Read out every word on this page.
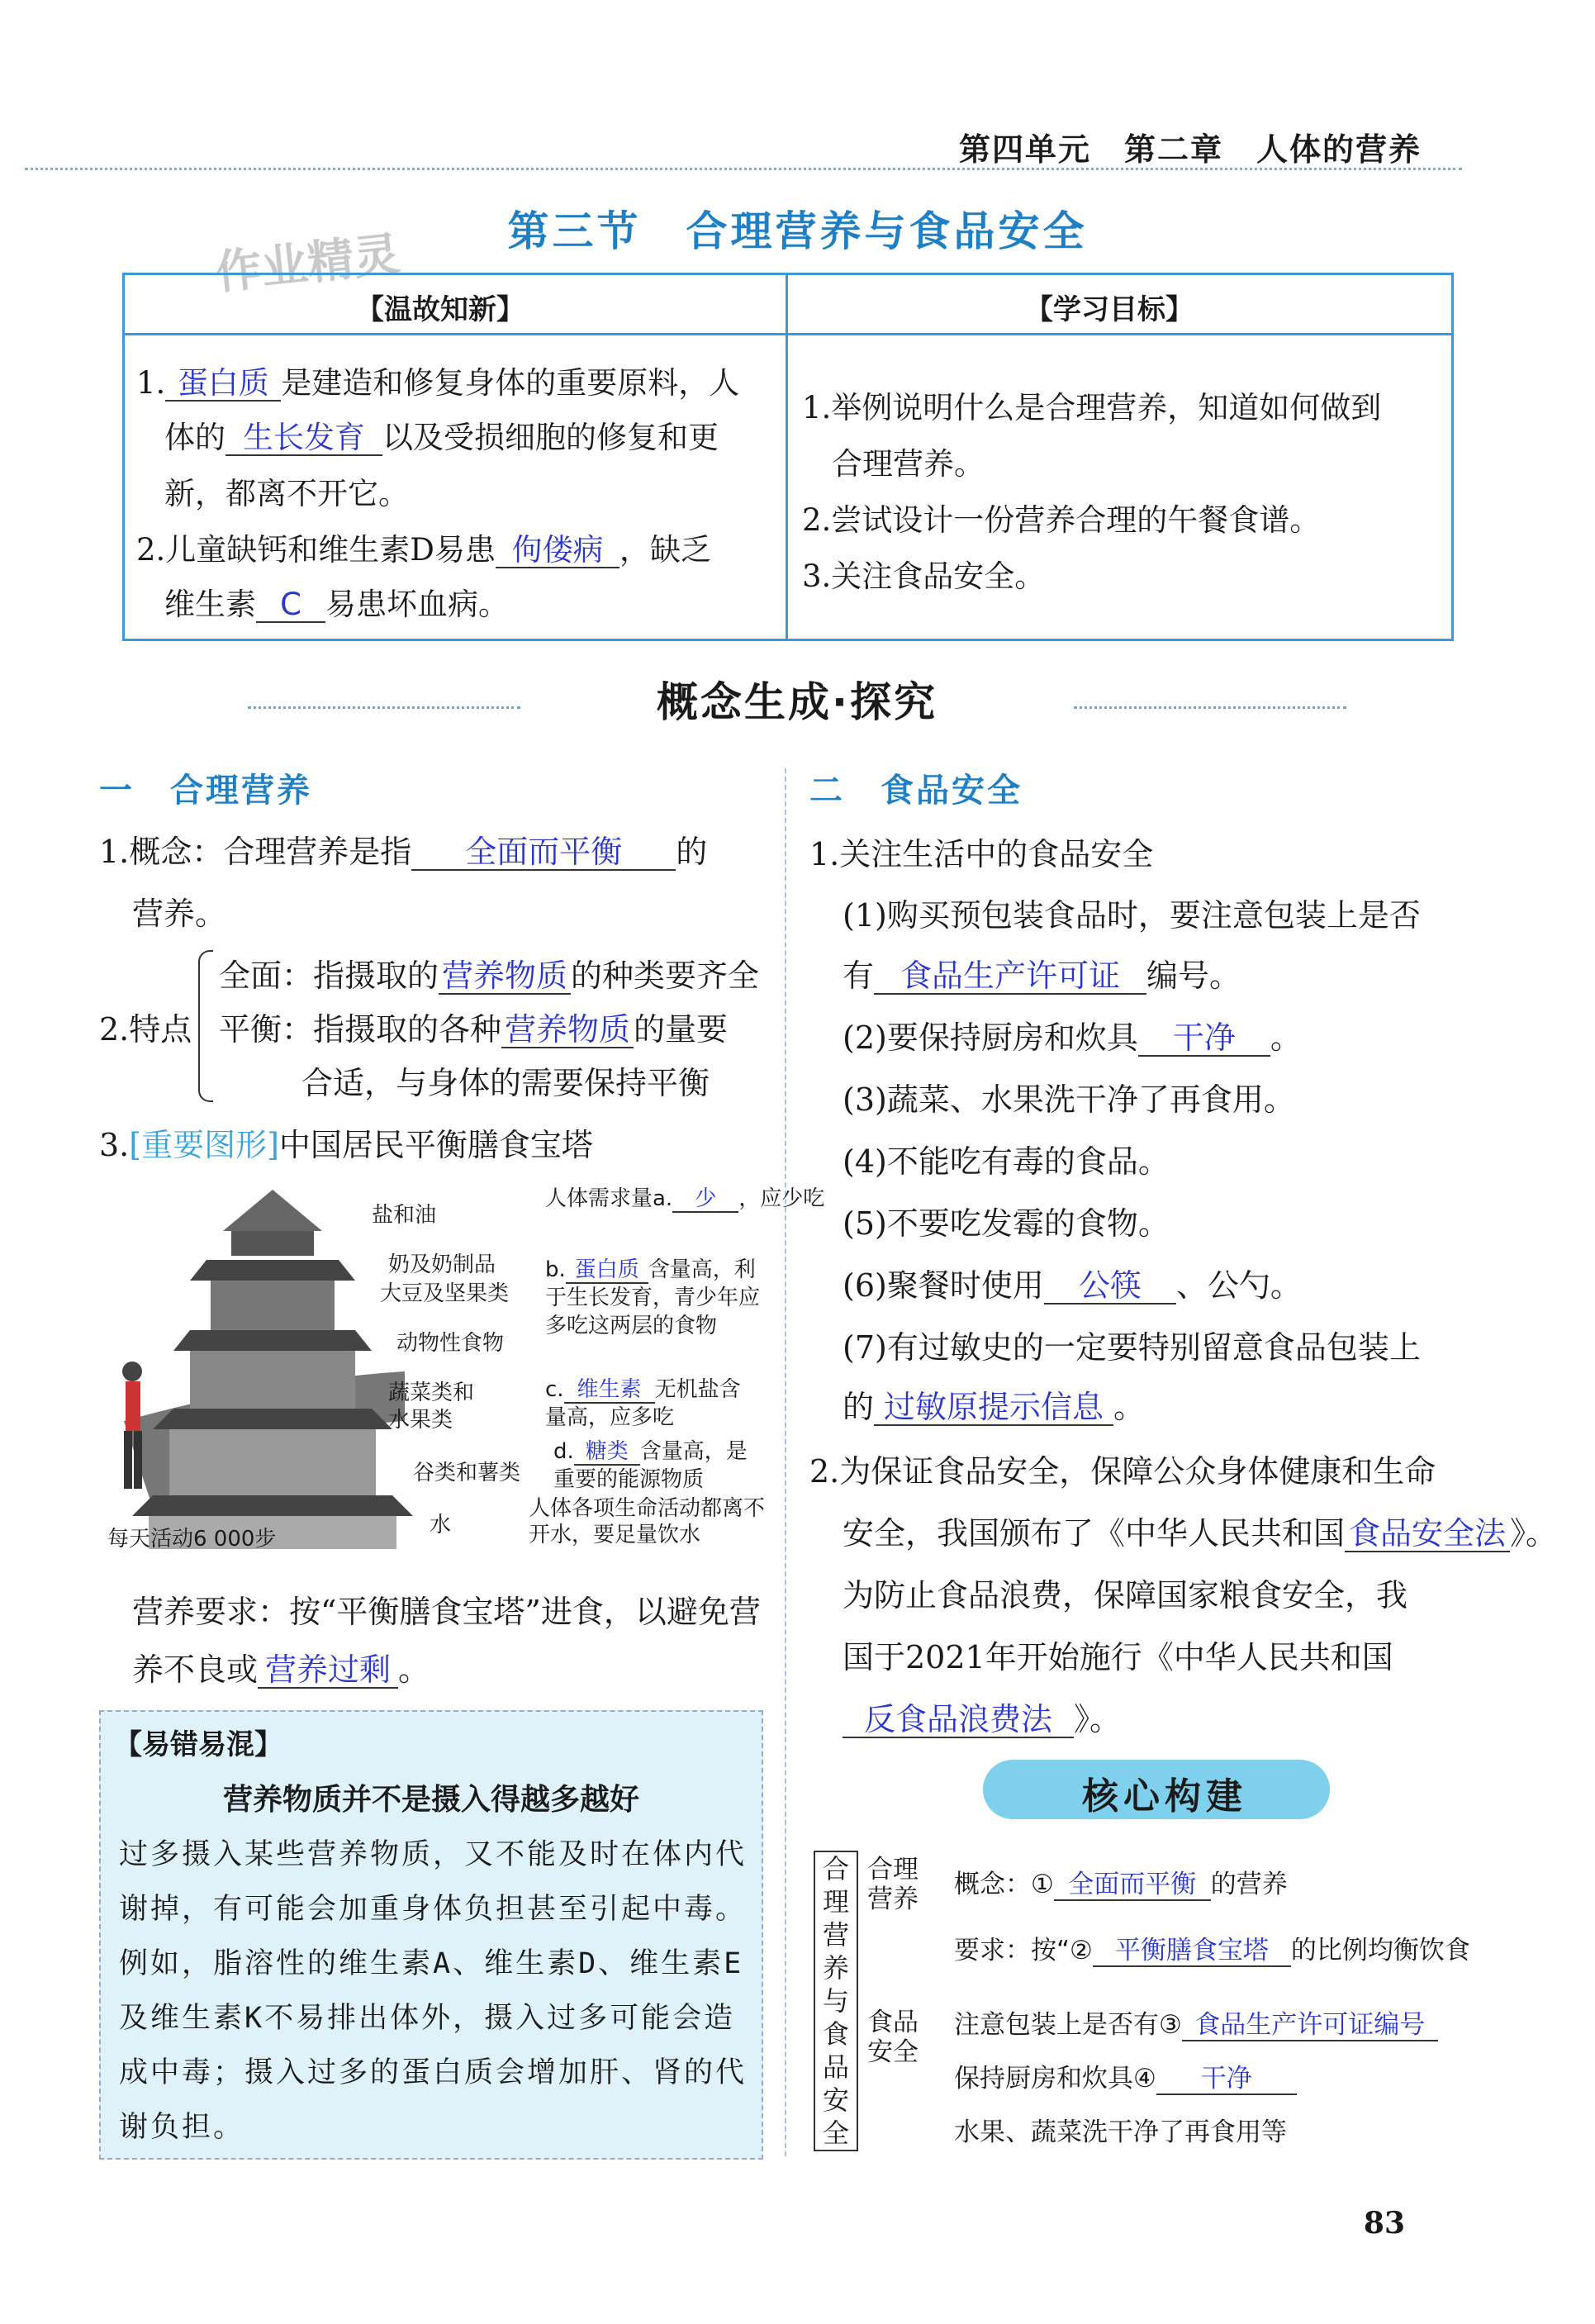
第四单元　第二章　人体的营养
作业精灵	第三节　合理营养与食品安全
【温故知新】	【学习目标】
1. 蛋白质 是建造和修复身体的重要原料，人
体的 生长发育 以及受损细胞的修复和更
新，都离不开它。
2.儿童缺钙和维生素D易患 佝偻病 ，缺乏
维生素 C 易患坏血病。
1.举例说明什么是合理营养，知道如何做到
合理营养。
2.尝试设计一份营养合理的午餐食谱。
3.关注食品安全。
概念生成·探究
一　合理营养
1.概念：合理营养是指 全面而平衡 的
营养。
2.特点
全面：指摄取的 营养物质 的种类要齐全
平衡：指摄取的各种 营养物质 的量要
合适，与身体的需要保持平衡
3.[重要图形]中国居民平衡膳食宝塔
盐和油
人体需求量a. 少 ，应少吃
奶及奶制品
大豆及坚果类
动物性食物
b. 蛋白质 含量高，利于生长发育，青少年应多吃这两层的食物
蔬菜类和
水果类
c. 维生素 无机盐含量高，应多吃
谷类和薯类
d. 糖类 含量高，是重要的能源物质
水
人体各项生命活动都离不开水，要足量饮水
每天活动6 000步
营养要求：按“平衡膳食宝塔”进食，以避免营
养不良或 营养过剩 。
【易错易混】
营养物质并不是摄入得越多越好
过多摄入某些营养物质，又不能及时在体内代谢掉，有可能会加重身体负担甚至引起中毒。例如，脂溶性的维生素A、维生素D、维生素E及维生素K不易排出体外，摄入过多可能会造成中毒；摄入过多的蛋白质会增加肝、肾的代谢负担。
二　食品安全
1.关注生活中的食品安全
(1)购买预包装食品时，要注意包装上是否
有 食品生产许可证 编号。
(2)要保持厨房和炊具 干净 。
(3)蔬菜、水果洗干净了再食用。
(4)不能吃有毒的食品。
(5)不要吃发霉的食物。
(6)聚餐时使用 公筷 、公勺。
(7)有过敏史的一定要特别留意食品包装上
的 过敏原提示信息 。
2.为保证食品安全，保障公众身体健康和生命
安全，我国颁布了《中华人民共和国 食品安全法 》。
为防止食品浪费，保障国家粮食安全，我
国于2021年开始施行《中华人民共和国
反食品浪费法 》。
核心构建
合
理
营
养
与
食
品
安
全
合理营养 概念：① 全面而平衡 的营养
要求：按“② 平衡膳食宝塔 的比例均衡饮食
食品安全
注意包装上是否有③ 食品生产许可证编号
保持厨房和炊具④ 干净
水果、蔬菜洗干净了再食用等
83
